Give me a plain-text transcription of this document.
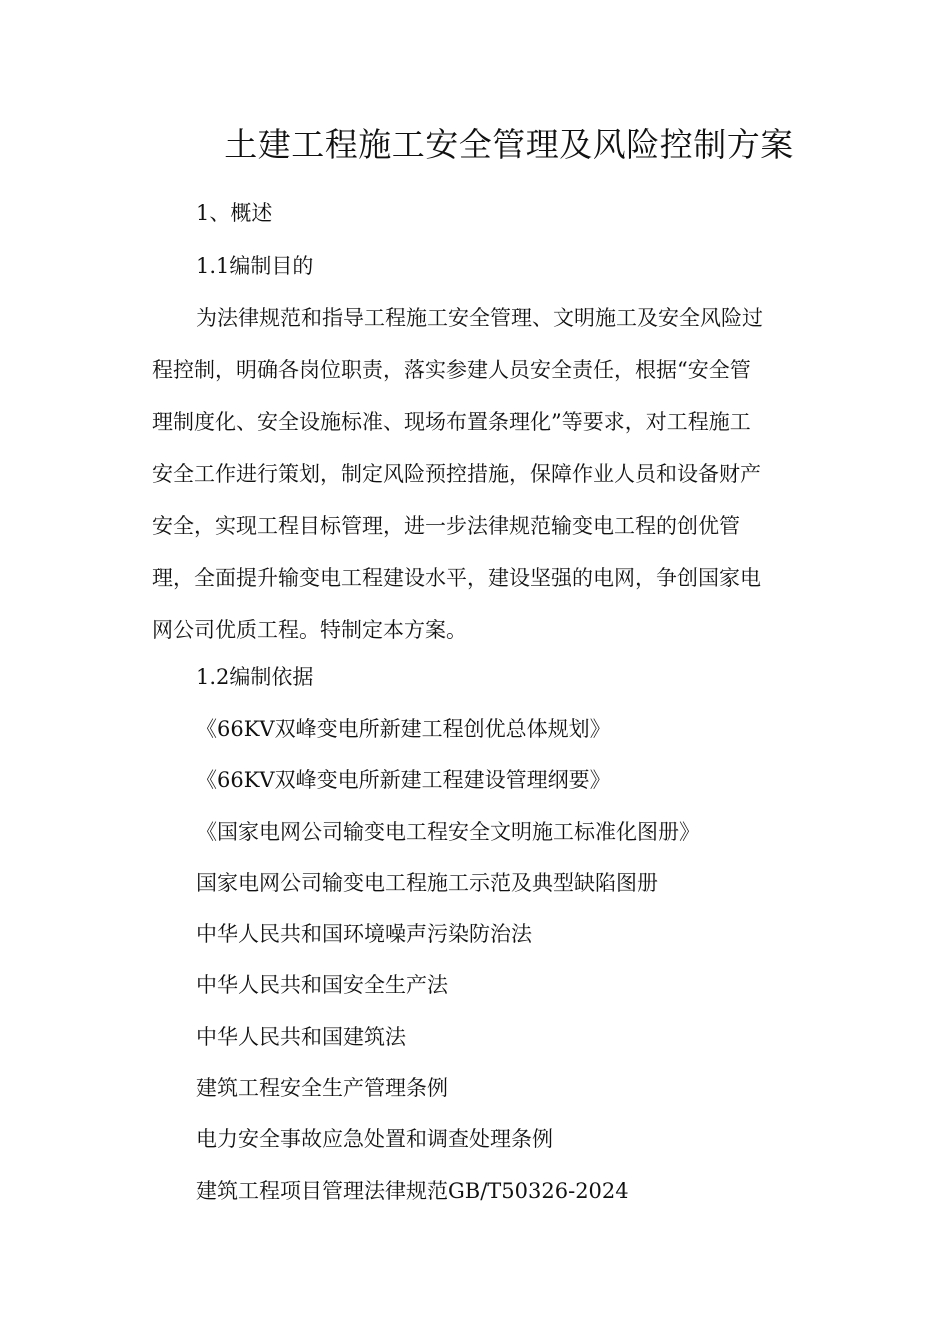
土建工程施工安全管理及风险控制方案
1、概述
1.1编制目的
为法律规范和指导工程施工安全管理、文明施工及安全风险过
程控制，明确各岗位职责，落实参建人员安全责任，根据“安全管
理制度化、安全设施标准、现场布置条理化”等要求，对工程施工
安全工作进行策划，制定风险预控措施，保障作业人员和设备财产
安全，实现工程目标管理，进一步法律规范输变电工程的创优管
理，全面提升输变电工程建设水平，建设坚强的电网，争创国家电
网公司优质工程。特制定本方案。
1.2编制依据
《66KV双峰变电所新建工程创优总体规划》
《66KV双峰变电所新建工程建设管理纲要》
《国家电网公司输变电工程安全文明施工标准化图册》
国家电网公司输变电工程施工示范及典型缺陷图册
中华人民共和国环境噪声污染防治法
中华人民共和国安全生产法
中华人民共和国建筑法
建筑工程安全生产管理条例
电力安全事故应急处置和调查处理条例
建筑工程项目管理法律规范GB/T50326-2024
